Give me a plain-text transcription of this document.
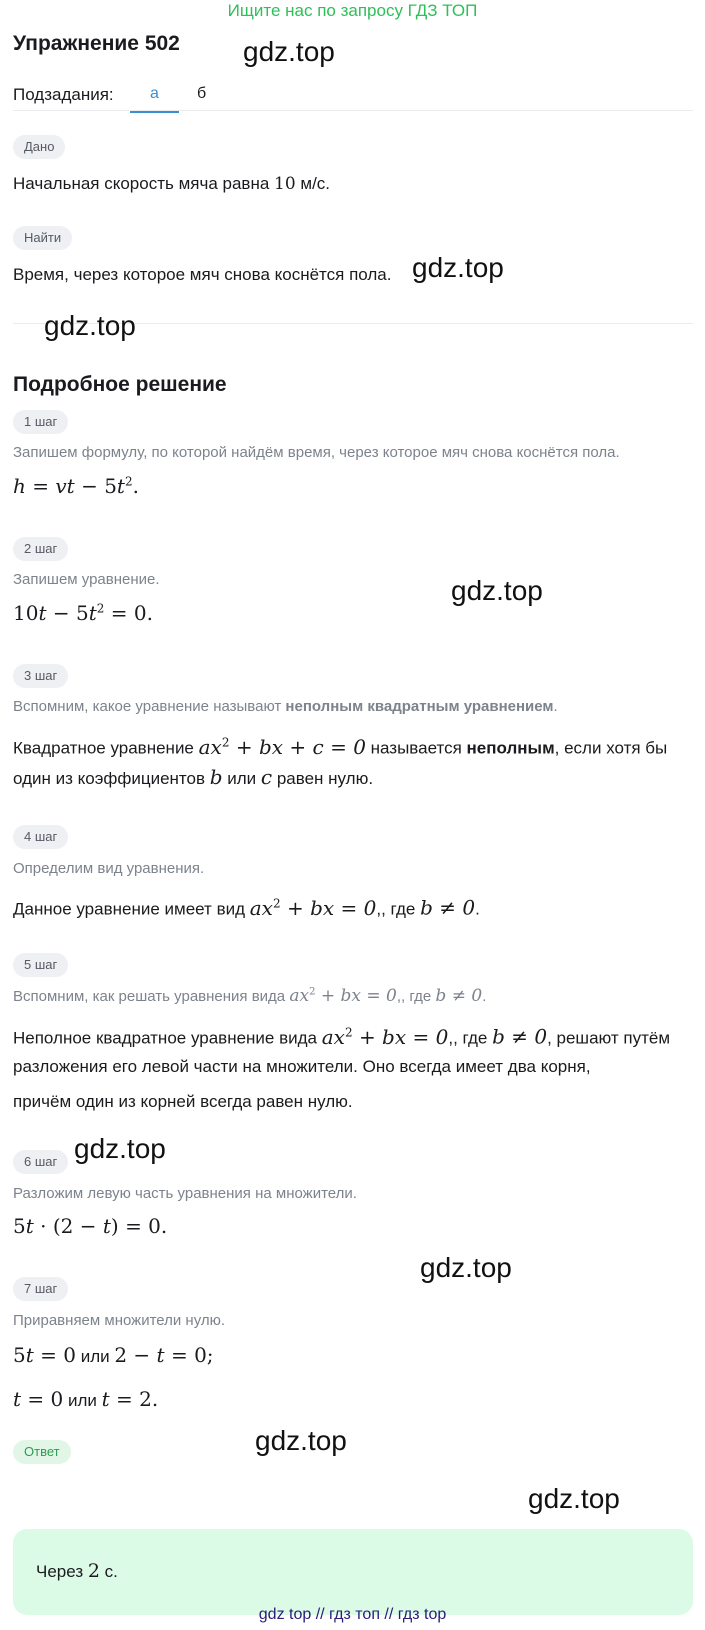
Ищите нас по запросу ГДЗ ТОП
Упражнение 502
Подзадания:	а	б
Дано
Начальная скорость мяча равна 10 м/с.
Найти
Время, через которое мяч снова коснётся пола.
Подробное решение
1 шаг
Запишем формулу, по которой найдём время, через которое мяч снова коснётся пола.
h = vt − $5t^2$.
2 шаг
Запишем уравнение.
$10t - 5t^2 = 0$.
3 шаг
Вспомним, какое уравнение называют неполным квадратным уравнением.
Квадратное уравнение $ax^2$ + bx + c = 0 называется неполным, если хотя бы
один из коэффициентов b или c равен нулю.
4 шаг
Определим вид уравнения.
Данное уравнение имеет вид $ax^2$ + bx = 0,, где b ≠ 0.
5 шаг
Вспомним, как решать уравнения вида $ax^2$ + bx = 0,, где b ≠ 0.
Неполное квадратное уравнение вида $ax^2$ + bx = 0,, где b ≠ 0, решают путём
разложения его левой части на множители. Оно всегда имеет два корня,
причём один из корней всегда равен нулю.
6 шаг
Разложим левую часть уравнения на множители.
5t · (2 − t) = 0.
7 шаг
Приравняем множители нулю.
5t = 0 или 2 − t = 0;
t = 0 или t = 2.
Ответ
Через 2 с.
gdz.top
gdz.top
gdz.top
gdz.top
gdz.top
gdz.top
gdz.top
gdz.top
gdz top // гдз топ // гдз top
